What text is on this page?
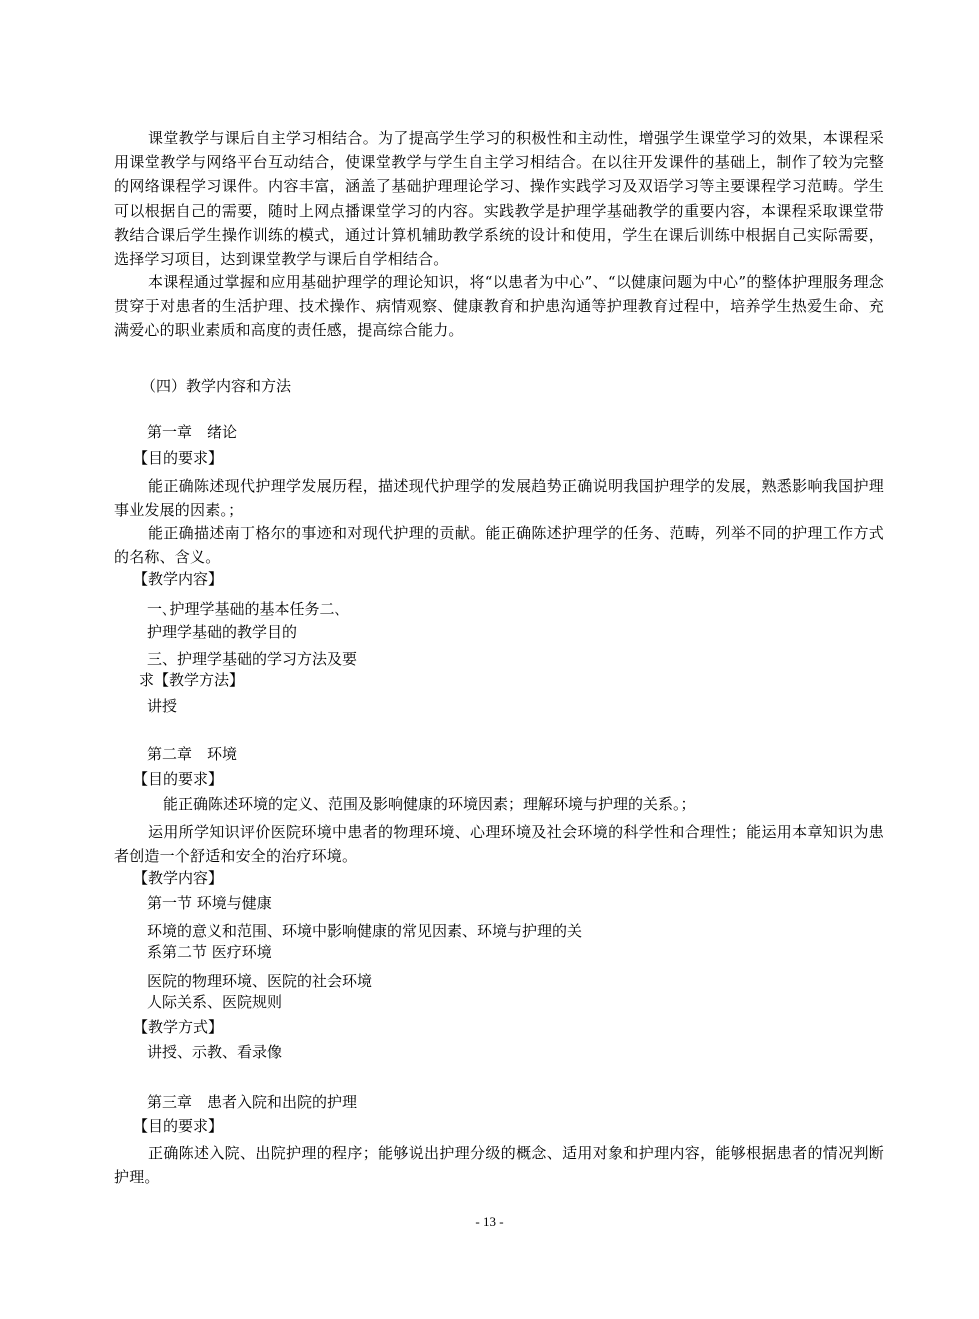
课堂教学与课后自主学习相结合。为了提高学生学习的积极性和主动性，增强学生课堂学习的效果，本课程采用课堂教学与网络平台互动结合，使课堂教学与学生自主学习相结合。在以往开发课件的基础上，制作了较为完整的网络课程学习课件。内容丰富，涵盖了基础护理理论学习、操作实践学习及双语学习等主要课程学习范畴。学生可以根据自己的需要，随时上网点播课堂学习的内容。实践教学是护理学基础教学的重要内容，本课程采取课堂带教结合课后学生操作训练的模式，通过计算机辅助教学系统的设计和使用，学生在课后训练中根据自己实际需要，选择学习项目，达到课堂教学与课后自学相结合。

本课程通过掌握和应用基础护理学的理论知识，将“以患者为中心”、“以健康问题为中心”的整体护理服务理念贯穿于对患者的生活护理、技术操作、病情观察、健康教育和护患沟通等护理教育过程中，培养学生热爱生命、充满爱心的职业素质和高度的责任感，提高综合能力。

（四）教学内容和方法
第一章　绪论
【目的要求】

能正确陈述现代护理学发展历程，描述现代护理学的发展趋势正确说明我国护理学的发展，熟悉影响我国护理事业发展的因素。；

能正确描述南丁格尔的事迹和对现代护理的贡献。能正确陈述护理学的任务、范畴，列举不同的护理工作方式的名称、含义。

【教学内容】
一､护理学基础的基本任务二､
护理学基础的教学目的
三、护理学基础的学习方法及要
求【教学方法】
讲授
第二章　环境
【目的要求】
能正确陈述环境的定义、范围及影响健康的环境因素；理解环境与护理的关系。；

运用所学知识评价医院环境中患者的物理环境、心理环境及社会环境的科学性和合理性；能运用本章知识为患者创造一个舒适和安全的治疗环境。

【教学内容】
第一节 环境与健康
环境的意义和范围、环境中影响健康的常见因素、环境与护理的关
系第二节 医疗环境
医院的物理环境、医院的社会环境
人际关系、医院规则
【教学方式】
讲授、示教、看录像
第三章　患者入院和出院的护理
【目的要求】

正确陈述入院、出院护理的程序；能够说出护理分级的概念、适用对象和护理内容，能够根据患者的情况判断护理。

- 13 -
